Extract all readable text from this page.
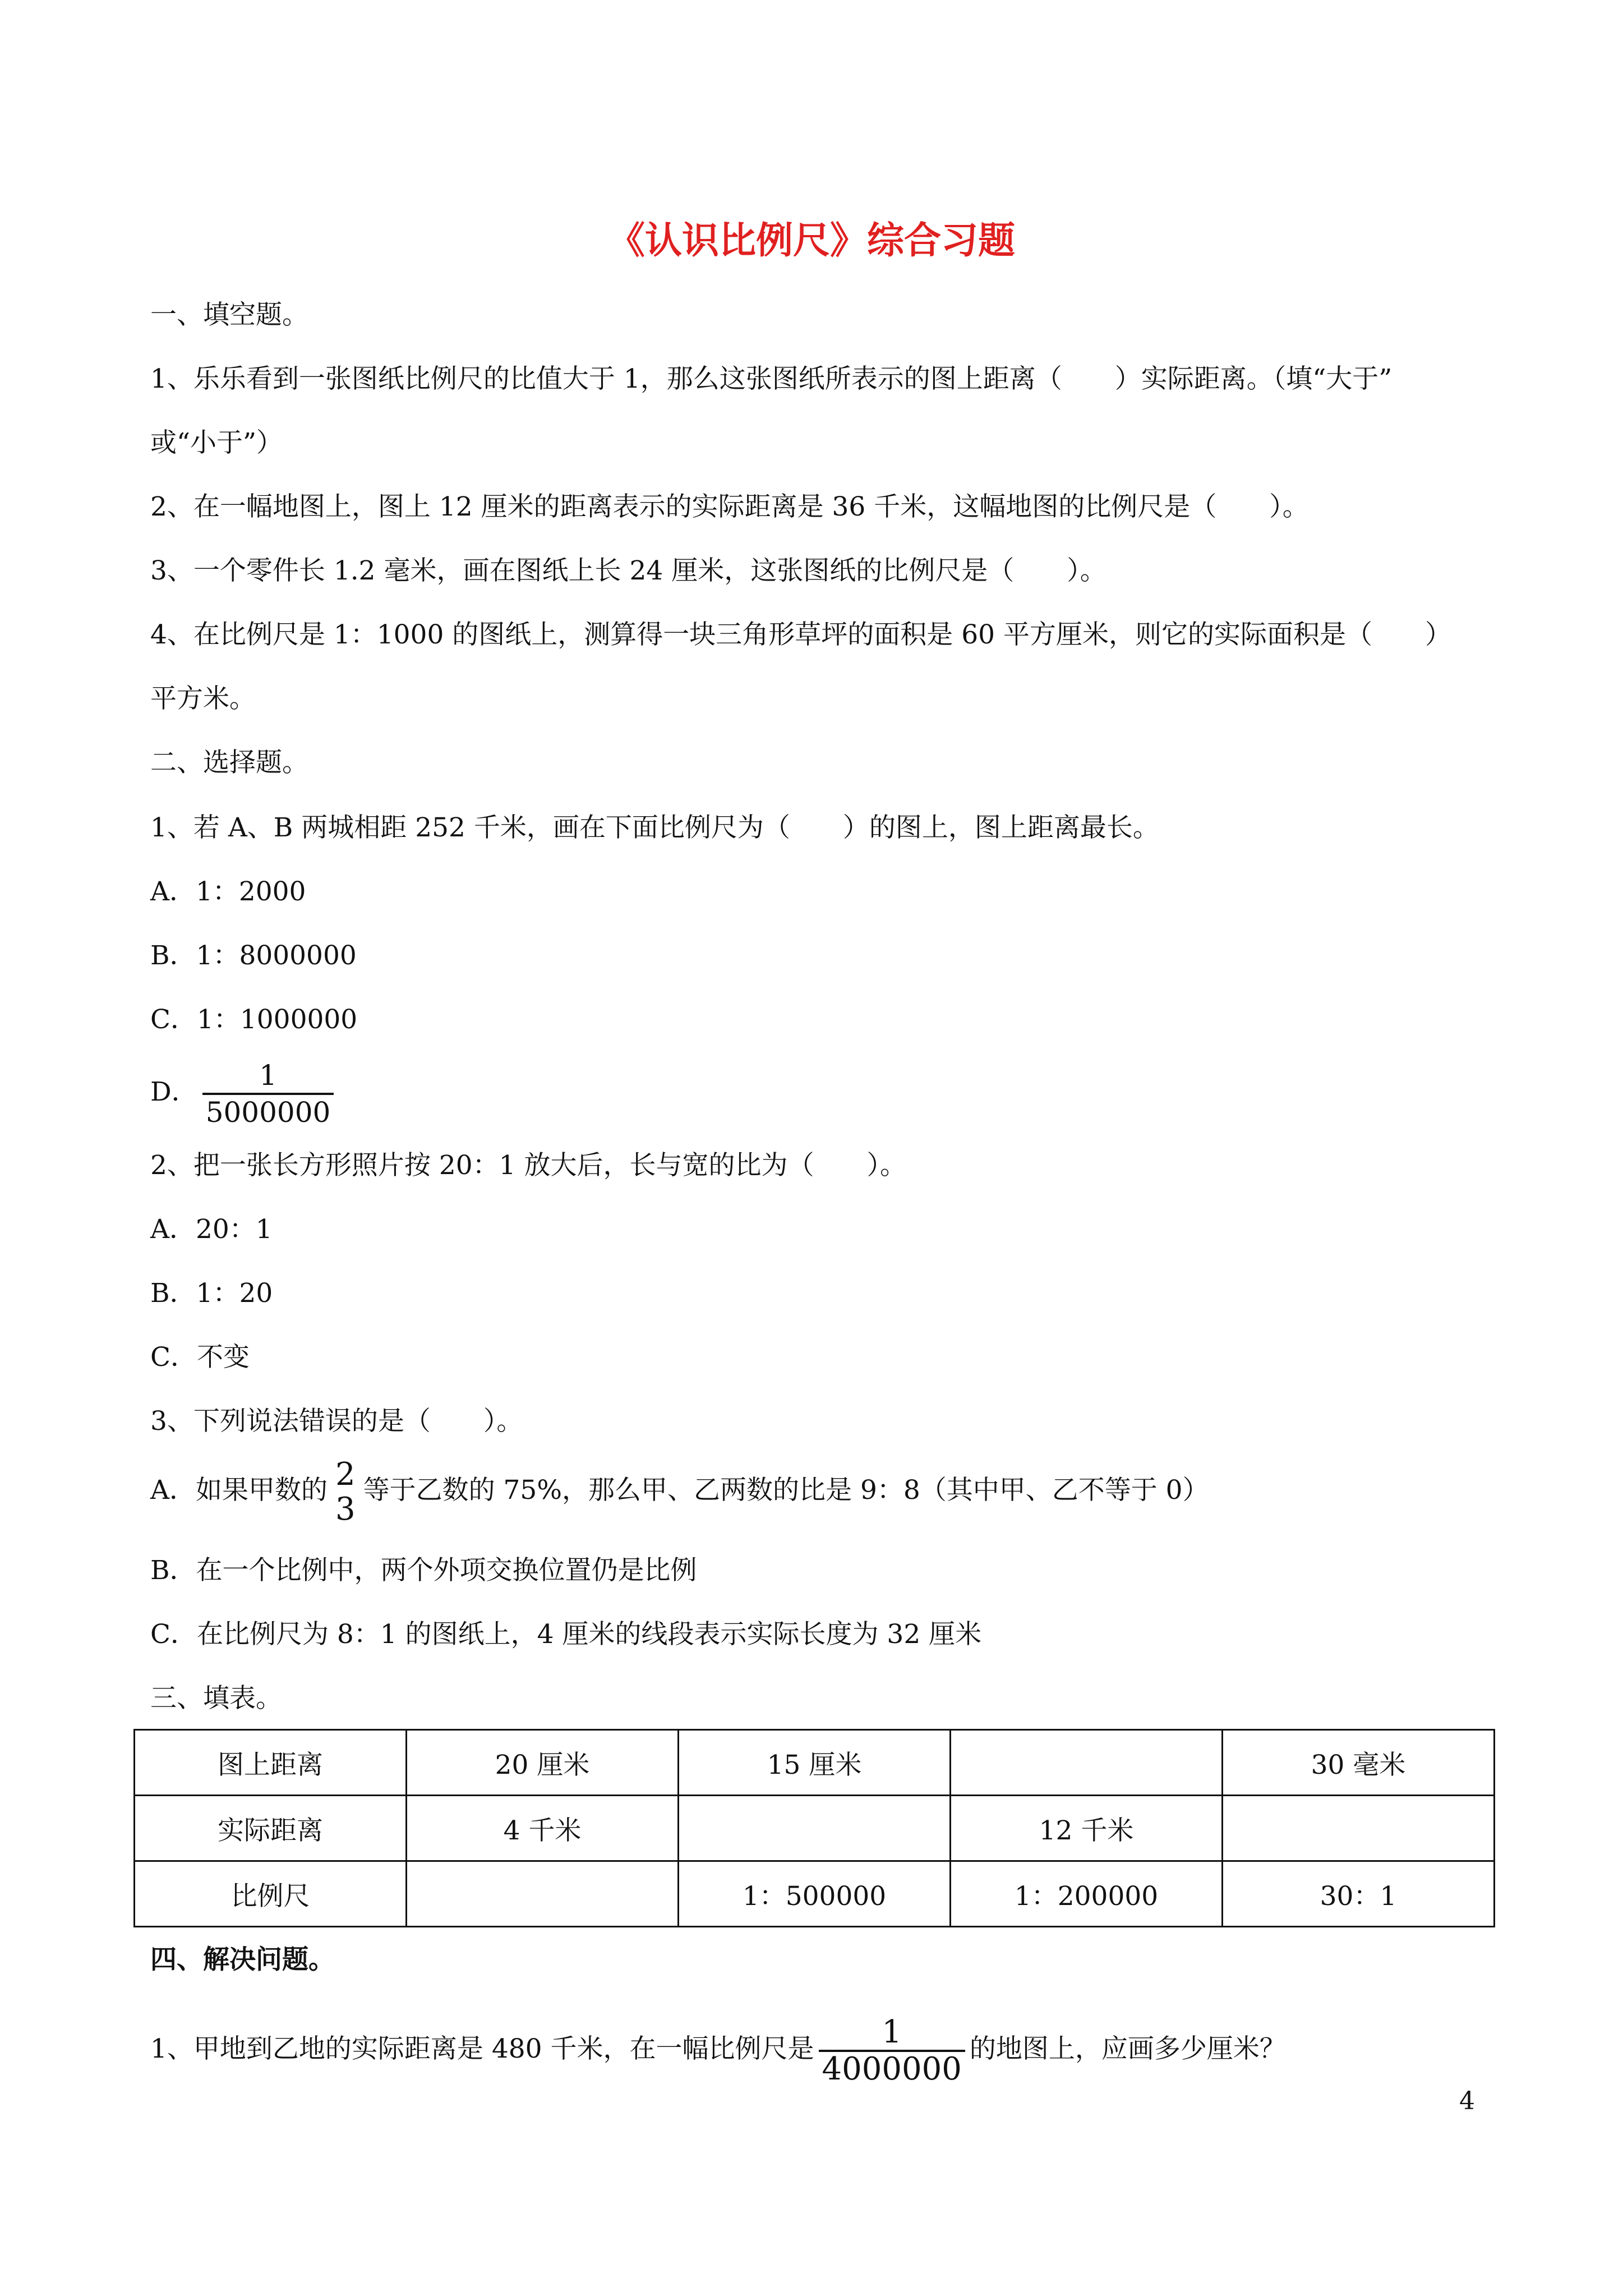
《认识比例尺》综合习题
一、填空题。
1、乐乐看到一张图纸比例尺的比值大于 1，那么这张图纸所表示的图上距离（　　）实际距离。（填“大于”
或“小于”）
2、在一幅地图上，图上 12 厘米的距离表示的实际距离是 36 千米，这幅地图的比例尺是（　　）。
3、一个零件长 1.2 毫米，画在图纸上长 24 厘米，这张图纸的比例尺是（　　）。
4、在比例尺是 1：1000 的图纸上，测算得一块三角形草坪的面积是 60 平方厘米，则它的实际面积是（　　）
平方米。
二、选择题。
1、若 A、B 两城相距 252 千米，画在下面比例尺为（　　）的图上，图上距离最长。
A．1：2000
B．1：8000000
C．1：1000000
D． $\frac{1}{5000000}$
2、把一张长方形照片按 20：1 放大后，长与宽的比为（　　）。
A．20：1
B．1：20
C．不变
3、下列说法错误的是（　　）。
A．如果甲数的 2
3
等于乙数的 75%，那么甲、乙两数的比是 9：8（其中甲、乙不等于 0）
B．在一个比例中，两个外项交换位置仍是比例
C．在比例尺为 8：1 的图纸上，4 厘米的线段表示实际长度为 32 厘米
三、填表。
图上距离	20 厘米	15 厘米		30 毫米
实际距离	4 千米		12 千米	
比例尺		1：500000	1：200000	30：1
四、解决问题。
1、甲地到乙地的实际距离是 480 千米，在一幅比例尺是 $\frac{1}{4000000}$ 的地图上，应画多少厘米？
4
